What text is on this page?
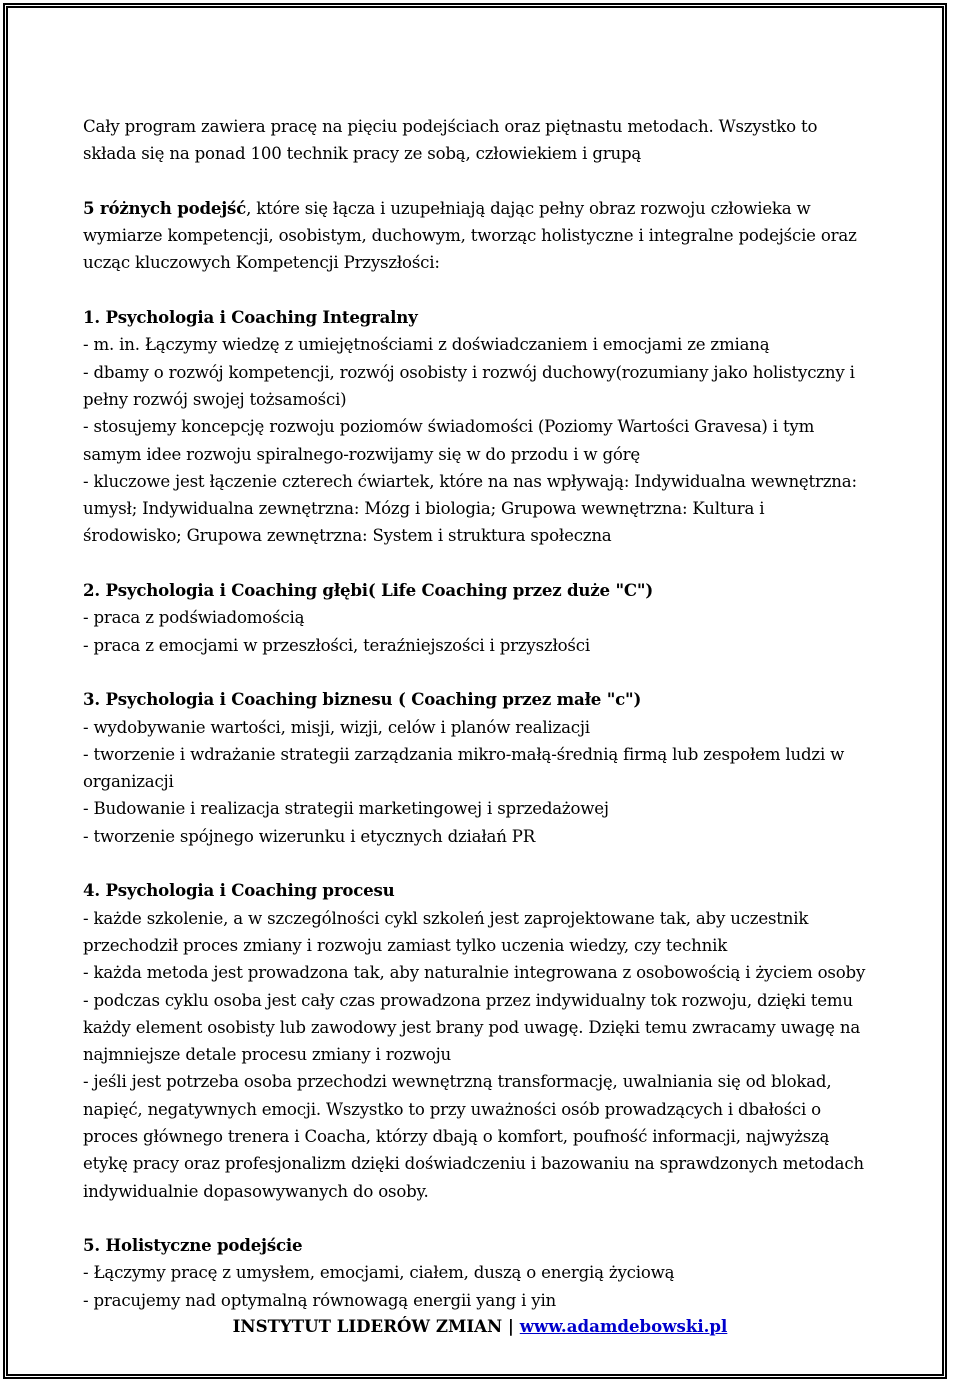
Cały program zawiera pracę na pięciu podejściach oraz piętnastu metodach. Wszystko to

składa się na ponad 100 technik pracy ze sobą, człowiekiem i grupą

5 różnych podejść, które się łącza i uzupełniają dając pełny obraz rozwoju człowieka w

wymiarze kompetencji, osobistym, duchowym, tworząc holistyczne i integralne podejście oraz

ucząc kluczowych Kompetencji Przyszłości:

1. Psychologia i Coaching Integralny

- m. in. Łączymy wiedzę z umiejętnościami z doświadczaniem i emocjami ze zmianą

- dbamy o rozwój kompetencji, rozwój osobisty i rozwój duchowy(rozumiany jako holistyczny i

pełny rozwój swojej tożsamości)

- stosujemy koncepcję rozwoju poziomów świadomości (Poziomy Wartości Gravesa) i tym

samym idee rozwoju spiralnego-rozwijamy się w do przodu i w górę

- kluczowe jest łączenie czterech ćwiartek, które na nas wpływają: Indywidualna wewnętrzna:

umysł; Indywidualna zewnętrzna: Mózg i biologia; Grupowa wewnętrzna: Kultura i

środowisko; Grupowa zewnętrzna: System i struktura społeczna

2. Psychologia i Coaching głębi( Life Coaching przez duże "C")

- praca z podświadomością

- praca z emocjami w przeszłości, teraźniejszości i przyszłości

3. Psychologia i Coaching biznesu ( Coaching przez małe "c")

- wydobywanie wartości, misji, wizji, celów i planów realizacji

- tworzenie i wdrażanie strategii zarządzania mikro-małą-średnią firmą lub zespołem ludzi w

organizacji

- Budowanie i realizacja strategii marketingowej i sprzedażowej

- tworzenie spójnego wizerunku i etycznych działań PR

4. Psychologia i Coaching procesu

- każde szkolenie, a w szczególności cykl szkoleń jest zaprojektowane tak, aby uczestnik

przechodził proces zmiany i rozwoju zamiast tylko uczenia wiedzy, czy technik

- każda metoda jest prowadzona tak, aby naturalnie integrowana z osobowością i życiem osoby

- podczas cyklu osoba jest cały czas prowadzona przez indywidualny tok rozwoju, dzięki temu

każdy element osobisty lub zawodowy jest brany pod uwagę. Dzięki temu zwracamy uwagę na

najmniejsze detale procesu zmiany i rozwoju

- jeśli jest potrzeba osoba przechodzi wewnętrzną transformację, uwalniania się od blokad,

napięć, negatywnych emocji. Wszystko to przy uważności osób prowadzących i dbałości o

proces głównego trenera i Coacha, którzy dbają o komfort, poufność informacji, najwyższą

etykę pracy oraz profesjonalizm dzięki doświadczeniu i bazowaniu na sprawdzonych metodach

indywidualnie dopasowywanych do osoby.

5. Holistyczne podejście

- Łączymy pracę z umysłem, emocjami, ciałem, duszą o energią życiową

- pracujemy nad optymalną równowagą energii yang i yin

INSTYTUT LIDERÓW ZMIAN | www.adamdebowski.pl
